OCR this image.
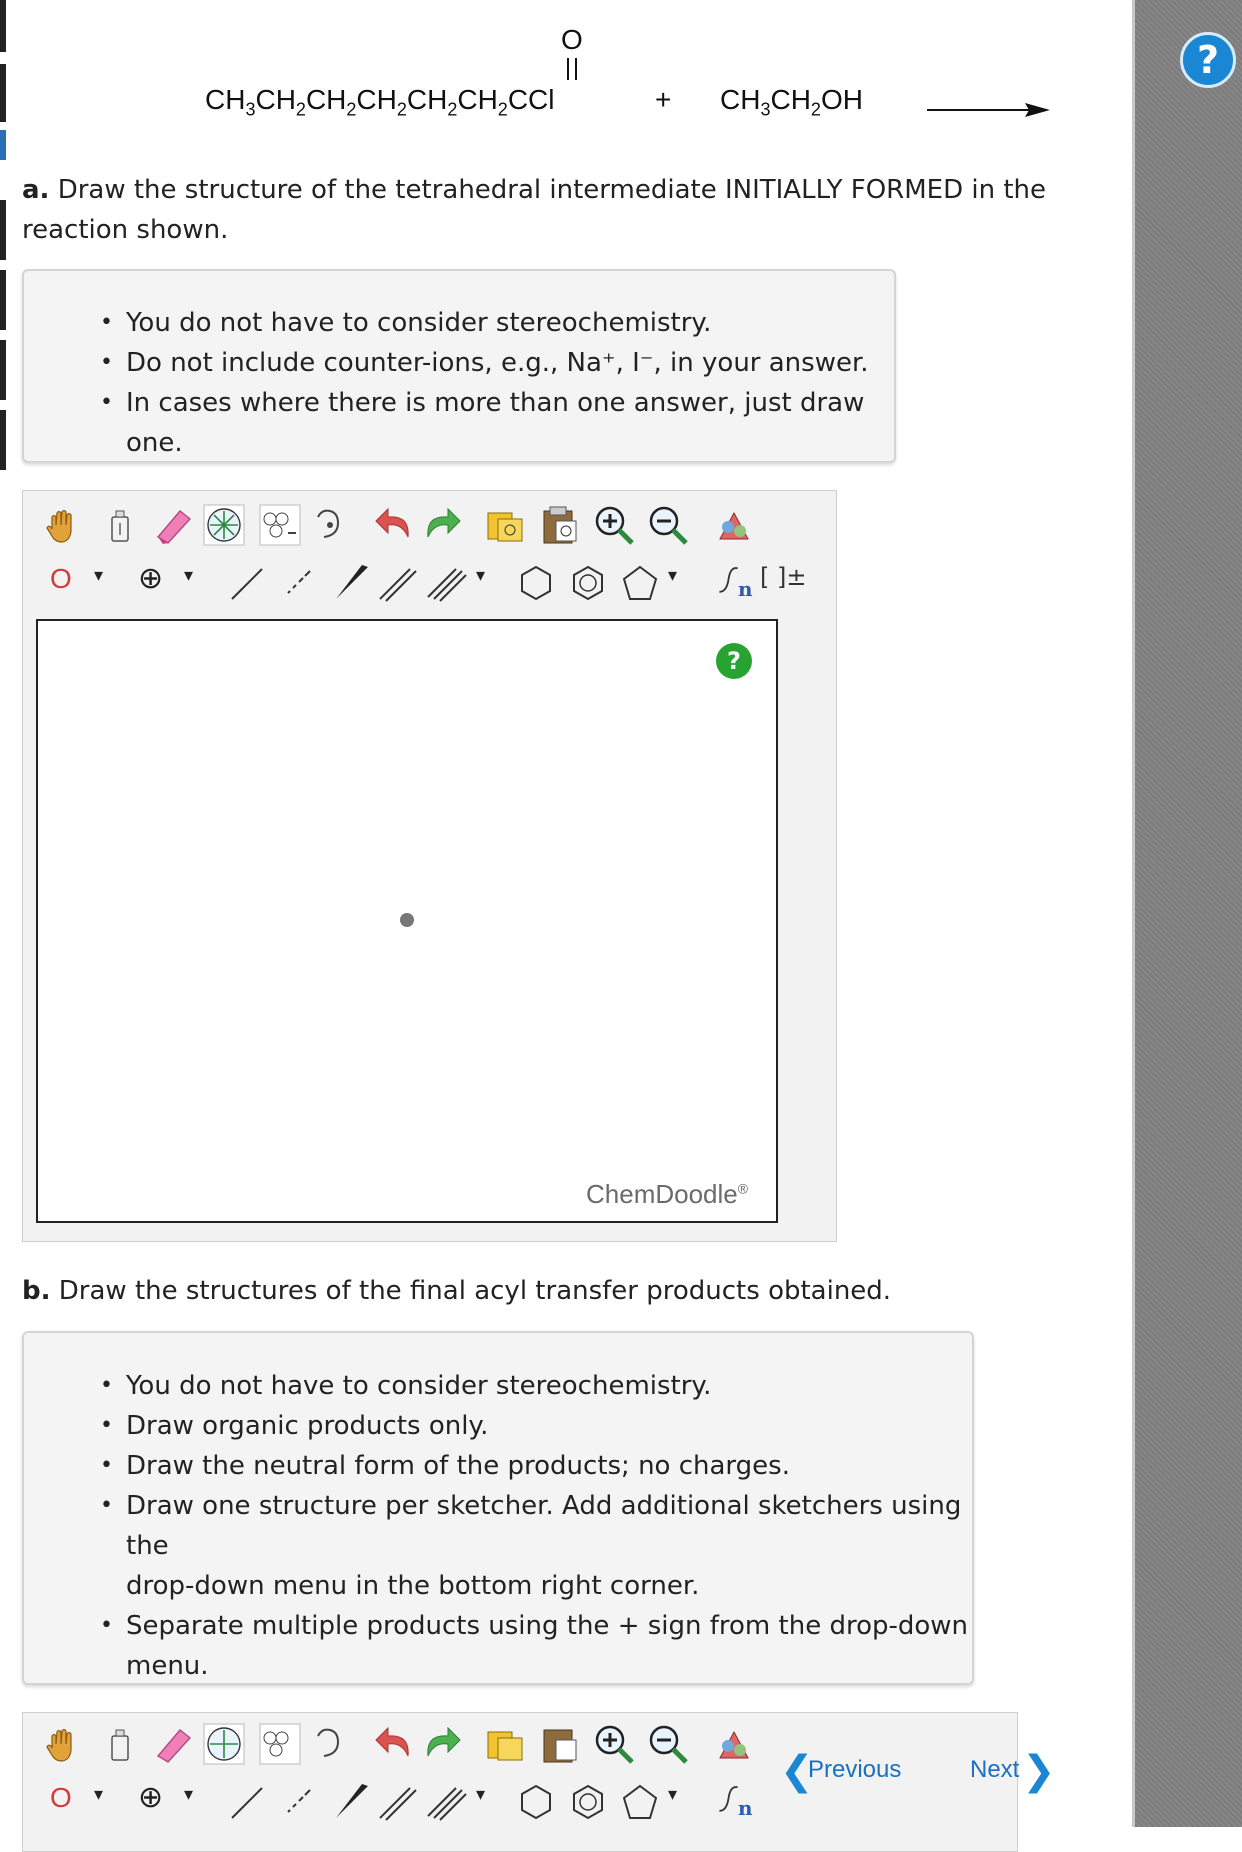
?
O
$CH_3CH_2CH_2CH_2CH_2CH_2CCl$	+ $CH_3CH_2OH$
a. Draw the structure of the tetrahedral intermediate INITIALLY FORMED in the
reaction shown.
• You do not have to consider stereochemistry.
• Do not include counter-ions, e.g., Na⁺, I⁻, in your answer.
• In cases where there is more than one answer, just draw one.
O ▾ ⊕ ▾	▾	▾
n [ ]±
?
ChemDoodle®
b. Draw the structures of the final acyl transfer products obtained.
• You do not have to consider stereochemistry.
• Draw organic products only.
• Draw the neutral form of the products; no charges.
• Draw one structure per sketcher. Add additional sketchers using the
drop-down menu in the bottom right corner.
• Separate multiple products using the + sign from the drop-down
menu.
O ▾ ⊕ ▾	▾	▾
n
❮
Previous	Next ❯
